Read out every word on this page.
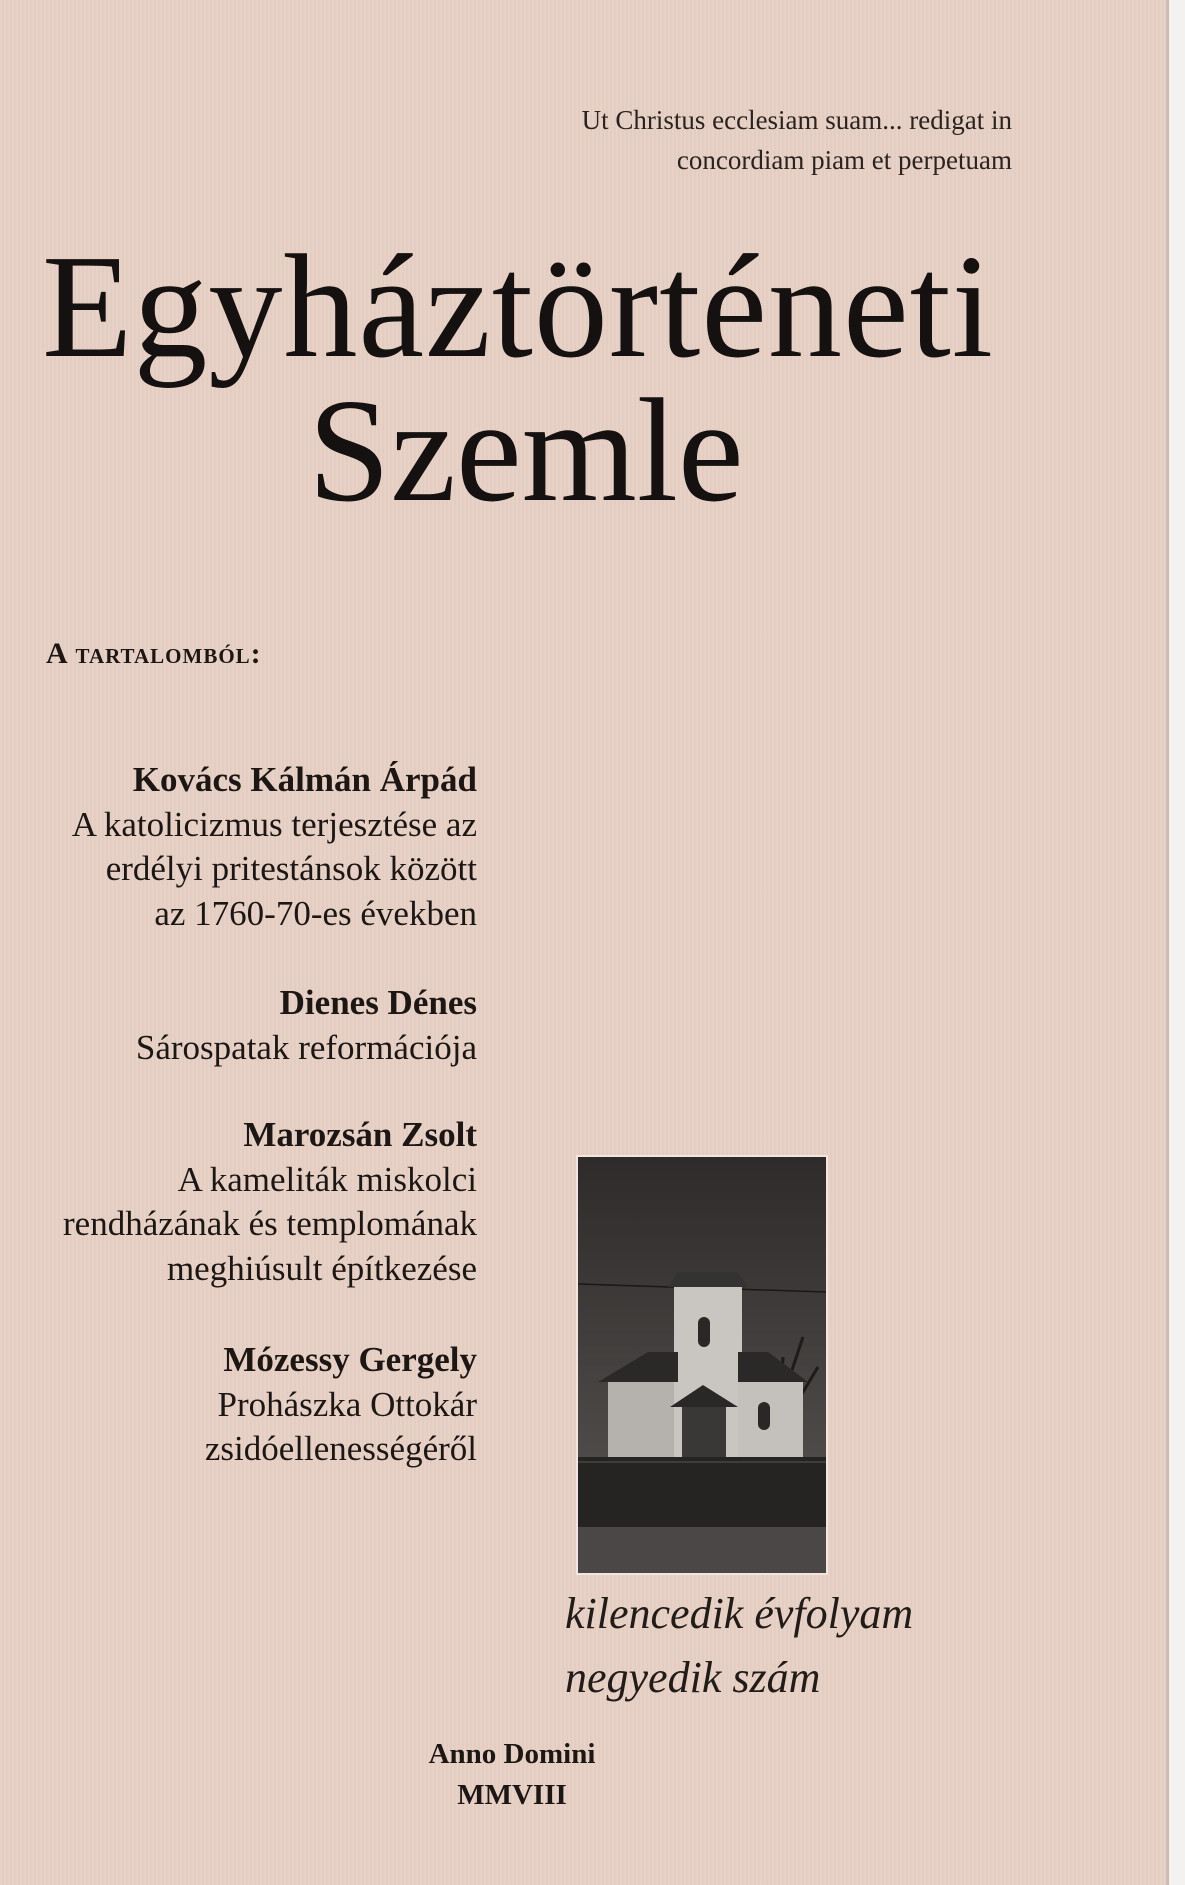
Ut Christus ecclesiam suam... redigat in
concordiam piam et perpetuam
Egyháztörténeti
Szemle
A tartalomból:
Kovács Kálmán Árpád
A katolicizmus terjesztése az
erdélyi pritestánsok között
az 1760-70-es években
Dienes Dénes
Sárospatak reformációja
Marozsán Zsolt
A kameliták miskolci
rendházának és templomának
meghiúsult építkezése
Mózessy Gergely
Prohászka Ottokár
zsidóellenességéről
kilencedik évfolyam
negyedik szám
Anno Domini
MMVIII
